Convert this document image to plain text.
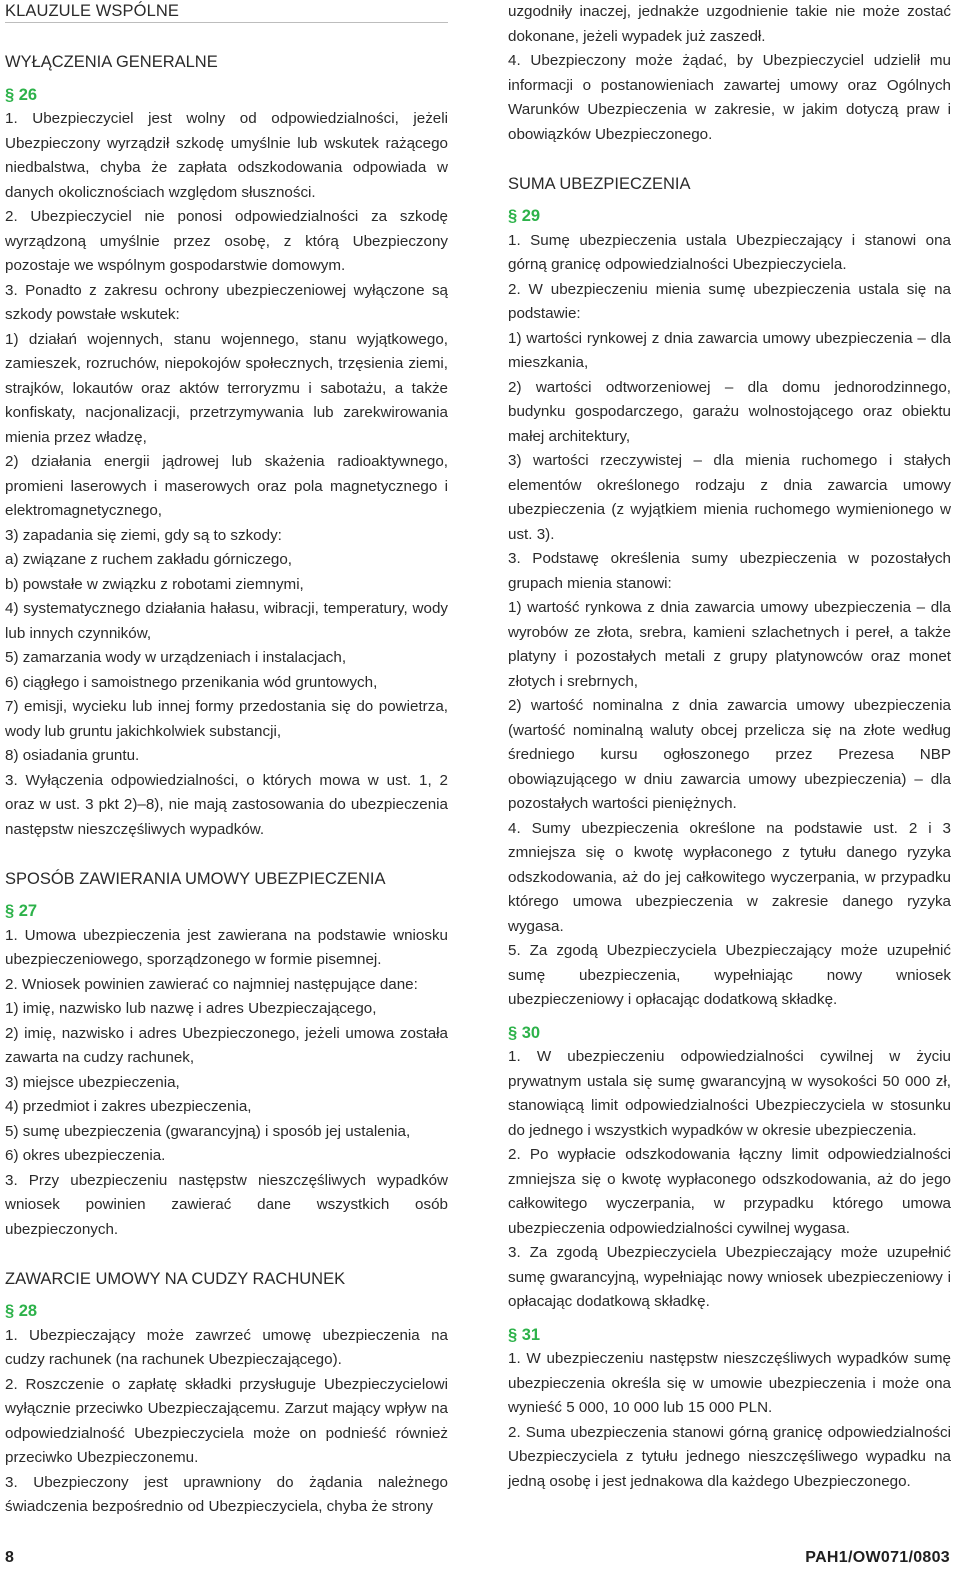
KLAUZULE WSPÓLNE
WYŁĄCZENIA GENERALNE

§ 26

1. Ubezpieczyciel jest wolny od odpowiedzialności, jeżeli Ubezpieczony wyrządził szkodę umyślnie lub wskutek rażącego niedbalstwa, chyba że zapłata odszkodowania odpowiada w danych okolicznościach względom słuszności.

2. Ubezpieczyciel nie ponosi odpowiedzialności za szkodę wyrządzoną umyślnie przez osobę, z którą Ubezpieczony pozostaje we wspólnym gospodarstwie domowym.

3. Ponadto z zakresu ochrony ubezpieczeniowej wyłączone są szkody powstałe wskutek:

1) działań wojennych, stanu wojennego, stanu wyjątkowego, zamieszek, rozruchów, niepokojów społecznych, trzęsienia ziemi, strajków, lokautów oraz aktów terroryzmu i sabotażu, a także konfiskaty, nacjonalizacji, przetrzymywania lub zarekwirowania mienia przez władzę,

2) działania energii jądrowej lub skażenia radioaktywnego, promieni laserowych i maserowych oraz pola magnetycznego i elektromagnetycznego,

3) zapadania się ziemi, gdy są to szkody:

a) związane z ruchem zakładu górniczego,

b) powstałe w związku z robotami ziemnymi,

4) systematycznego działania hałasu, wibracji, temperatury, wody lub innych czynników,

5) zamarzania wody w urządzeniach i instalacjach,

6) ciągłego i samoistnego przenikania wód gruntowych,

7) emisji, wycieku lub innej formy przedostania się do powietrza, wody lub gruntu jakichkolwiek substancji,

8) osiadania gruntu.

3. Wyłączenia odpowiedzialności, o których mowa w ust. 1, 2 oraz w ust. 3 pkt 2)–8), nie mają zastosowania do ubezpieczenia następstw nieszczęśliwych wypadków.

SPOSÓB ZAWIERANIA UMOWY UBEZPIECZENIA

§ 27

1. Umowa ubezpieczenia jest zawierana na podstawie wniosku ubezpieczeniowego, sporządzonego w formie pisemnej.

2. Wniosek powinien zawierać co najmniej następujące dane:

1) imię, nazwisko lub nazwę i adres Ubezpieczającego,

2) imię, nazwisko i adres Ubezpieczonego, jeżeli umowa została zawarta na cudzy rachunek,

3) miejsce ubezpieczenia,

4) przedmiot i zakres ubezpieczenia,

5) sumę ubezpieczenia (gwarancyjną) i sposób jej ustalenia,

6) okres ubezpieczenia.

3. Przy ubezpieczeniu następstw nieszczęśliwych wypadków wniosek powinien zawierać dane wszystkich osób ubezpieczonych.

ZAWARCIE UMOWY NA CUDZY RACHUNEK

§ 28

1. Ubezpieczający może zawrzeć umowę ubezpieczenia na cudzy rachunek (na rachunek Ubezpieczającego).

2. Roszczenie o zapłatę składki przysługuje Ubezpieczycielowi wyłącznie przeciwko Ubezpieczającemu. Zarzut mający wpływ na odpowiedzialność Ubezpieczyciela może on podnieść również przeciwko Ubezpieczonemu.

3. Ubezpieczony jest uprawniony do żądania należnego świadczenia bezpośrednio od Ubezpieczyciela, chyba że strony

uzgodniły inaczej, jednakże uzgodnienie takie nie może zostać dokonane, jeżeli wypadek już zaszedł.

4. Ubezpieczony może żądać, by Ubezpieczyciel udzielił mu informacji o postanowieniach zawartej umowy oraz Ogólnych Warunków Ubezpieczenia w zakresie, w jakim dotyczą praw i obowiązków Ubezpieczonego.

SUMA UBEZPIECZENIA

§ 29

1. Sumę ubezpieczenia ustala Ubezpieczający i stanowi ona górną granicę odpowiedzialności Ubezpieczyciela.

2. W ubezpieczeniu mienia sumę ubezpieczenia ustala się na podstawie:

1) wartości rynkowej z dnia zawarcia umowy ubezpieczenia – dla mieszkania,

2) wartości odtworzeniowej – dla domu jednorodzinnego, budynku gospodarczego, garażu wolnostojącego oraz obiektu małej architektury,

3) wartości rzeczywistej – dla mienia ruchomego i stałych elementów określonego rodzaju z dnia zawarcia umowy ubezpieczenia (z wyjątkiem mienia ruchomego wymienionego w ust. 3).

3. Podstawę określenia sumy ubezpieczenia w pozostałych grupach mienia stanowi:

1) wartość rynkowa z dnia zawarcia umowy ubezpieczenia – dla wyrobów ze złota, srebra, kamieni szlachetnych i pereł, a także platyny i pozostałych metali z grupy platynowców oraz monet złotych i srebrnych,

2) wartość nominalna z dnia zawarcia umowy ubezpieczenia (wartość nominalną waluty obcej przelicza się na złote według średniego kursu ogłoszonego przez Prezesa NBP obowiązującego w dniu zawarcia umowy ubezpieczenia) – dla pozostałych wartości pieniężnych.

4. Sumy ubezpieczenia określone na podstawie ust. 2 i 3 zmniejsza się o kwotę wypłaconego z tytułu danego ryzyka odszkodowania, aż do jej całkowitego wyczerpania, w przypadku którego umowa ubezpieczenia w zakresie danego ryzyka wygasa.

5. Za zgodą Ubezpieczyciela Ubezpieczający może uzupełnić sumę ubezpieczenia, wypełniając nowy wniosek ubezpieczeniowy i opłacając dodatkową składkę.

§ 30

1. W ubezpieczeniu odpowiedzialności cywilnej w życiu prywatnym ustala się sumę gwarancyjną w wysokości 50 000 zł, stanowiącą limit odpowiedzialności Ubezpieczyciela w stosunku do jednego i wszystkich wypadków w okresie ubezpieczenia.

2. Po wypłacie odszkodowania łączny limit odpowiedzialności zmniejsza się o kwotę wypłaconego odszkodowania, aż do jego całkowitego wyczerpania, w przypadku którego umowa ubezpieczenia odpowiedzialności cywilnej wygasa.

3. Za zgodą Ubezpieczyciela Ubezpieczający może uzupełnić sumę gwarancyjną, wypełniając nowy wniosek ubezpieczeniowy i opłacając dodatkową składkę.

§ 31

1. W ubezpieczeniu następstw nieszczęśliwych wypadków sumę ubezpieczenia określa się w umowie ubezpieczenia i może ona wynieść 5 000, 10 000 lub 15 000 PLN.

2. Suma ubezpieczenia stanowi górną granicę odpowiedzialności Ubezpieczyciela z tytułu jednego nieszczęśliwego wypadku na jedną osobę i jest jednakowa dla każdego Ubezpieczonego.

8	PAH1/OW071/0803
